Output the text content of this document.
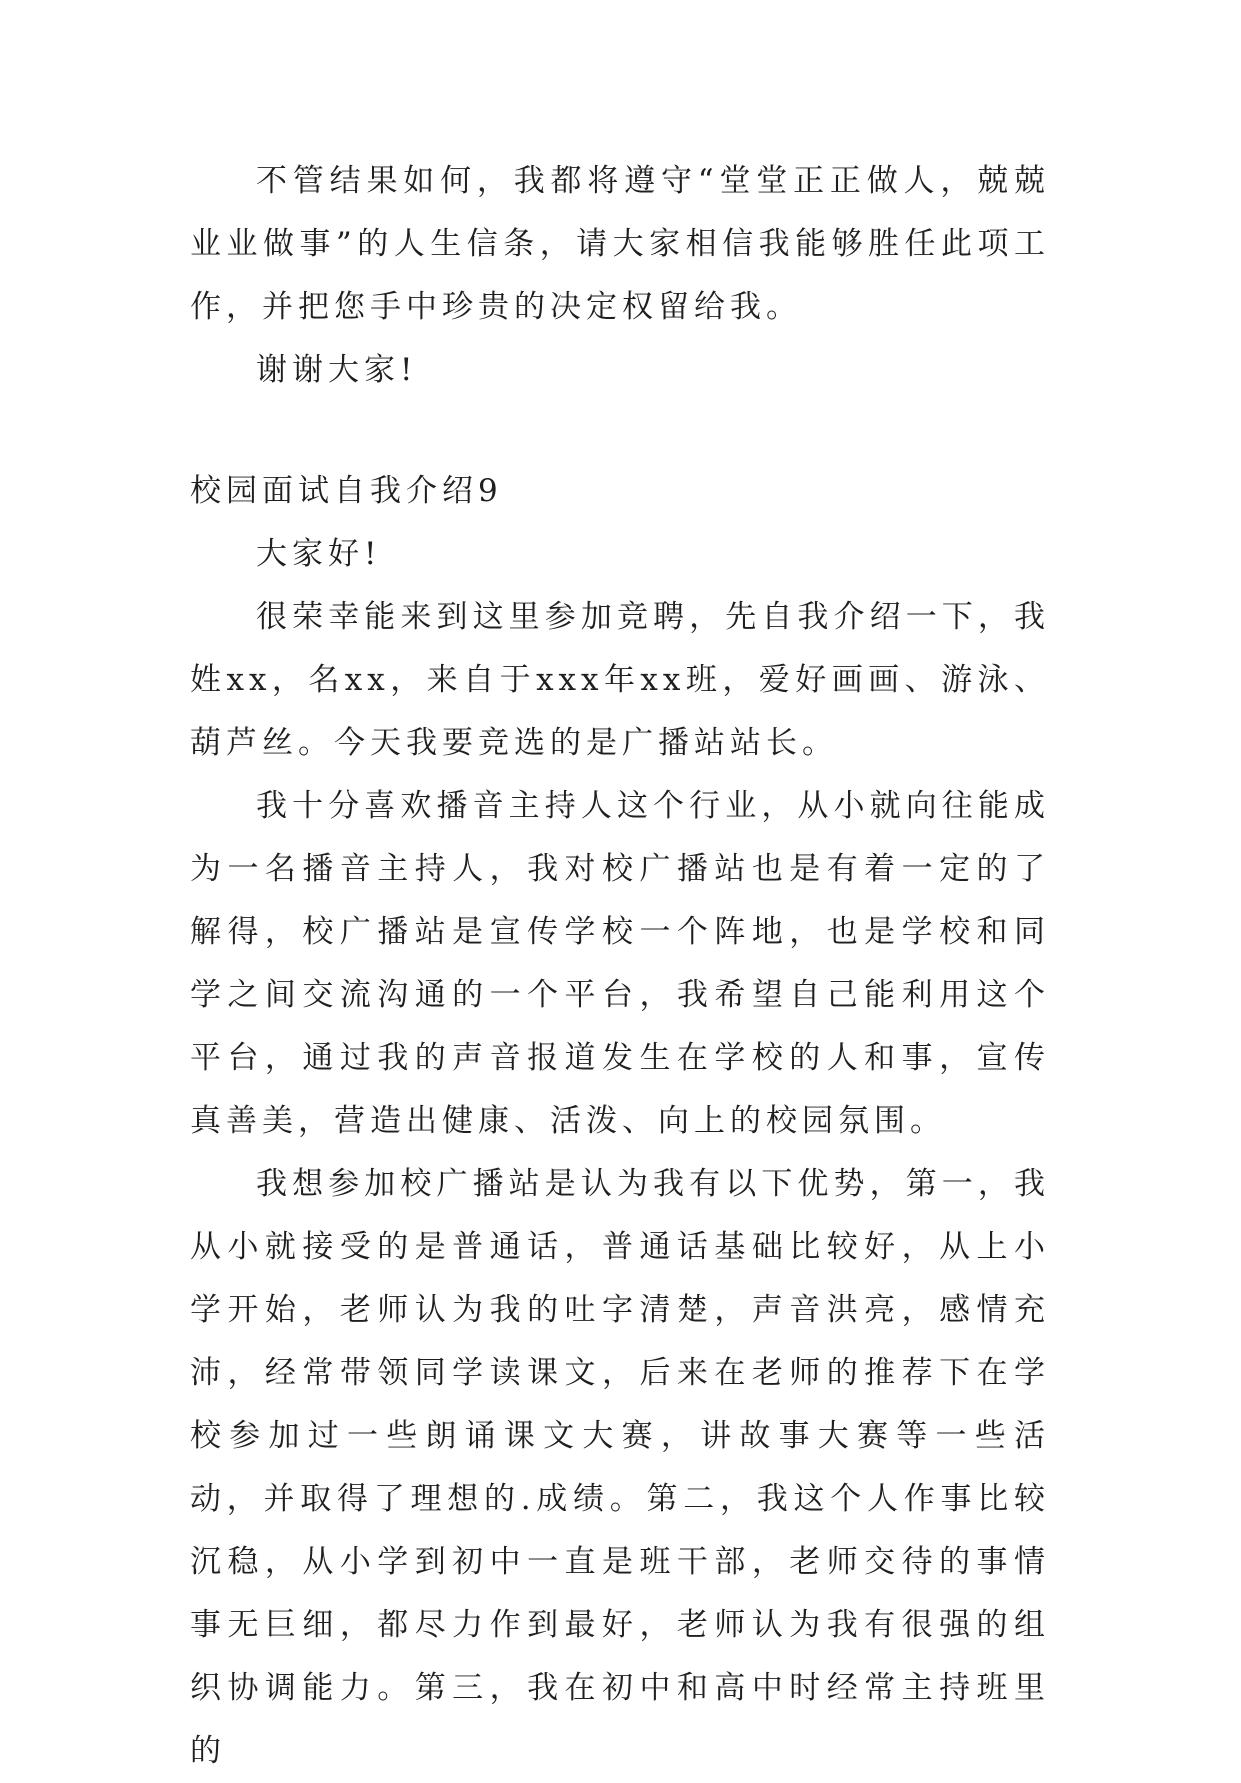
不管结果如何，我都将遵守“堂堂正正做人，兢兢业业做事”的人生信条，请大家相信我能够胜任此项工作，并把您手中珍贵的决定权留给我。

谢谢大家!

校园面试自我介绍9

大家好!

很荣幸能来到这里参加竞聘，先自我介绍一下，我姓xx，名xx，来自于xxx年xx班，爱好画画、游泳、葫芦丝。今天我要竞选的是广播站站长。

我十分喜欢播音主持人这个行业，从小就向往能成为一名播音主持人，我对校广播站也是有着一定的了解得，校广播站是宣传学校一个阵地，也是学校和同学之间交流沟通的一个平台，我希望自己能利用这个平台，通过我的声音报道发生在学校的人和事，宣传真善美，营造出健康、活泼、向上的校园氛围。

我想参加校广播站是认为我有以下优势，第一，我从小就接受的是普通话，普通话基础比较好，从上小学开始，老师认为我的吐字清楚，声音洪亮，感情充沛，经常带领同学读课文，后来在老师的推荐下在学校参加过一些朗诵课文大赛，讲故事大赛等一些活动，并取得了理想的.成绩。第二，我这个人作事比较沉稳，从小学到初中一直是班干部，老师交待的事情事无巨细，都尽力作到最好，老师认为我有很强的组织协调能力。第三，我在初中和高中时经常主持班里的
